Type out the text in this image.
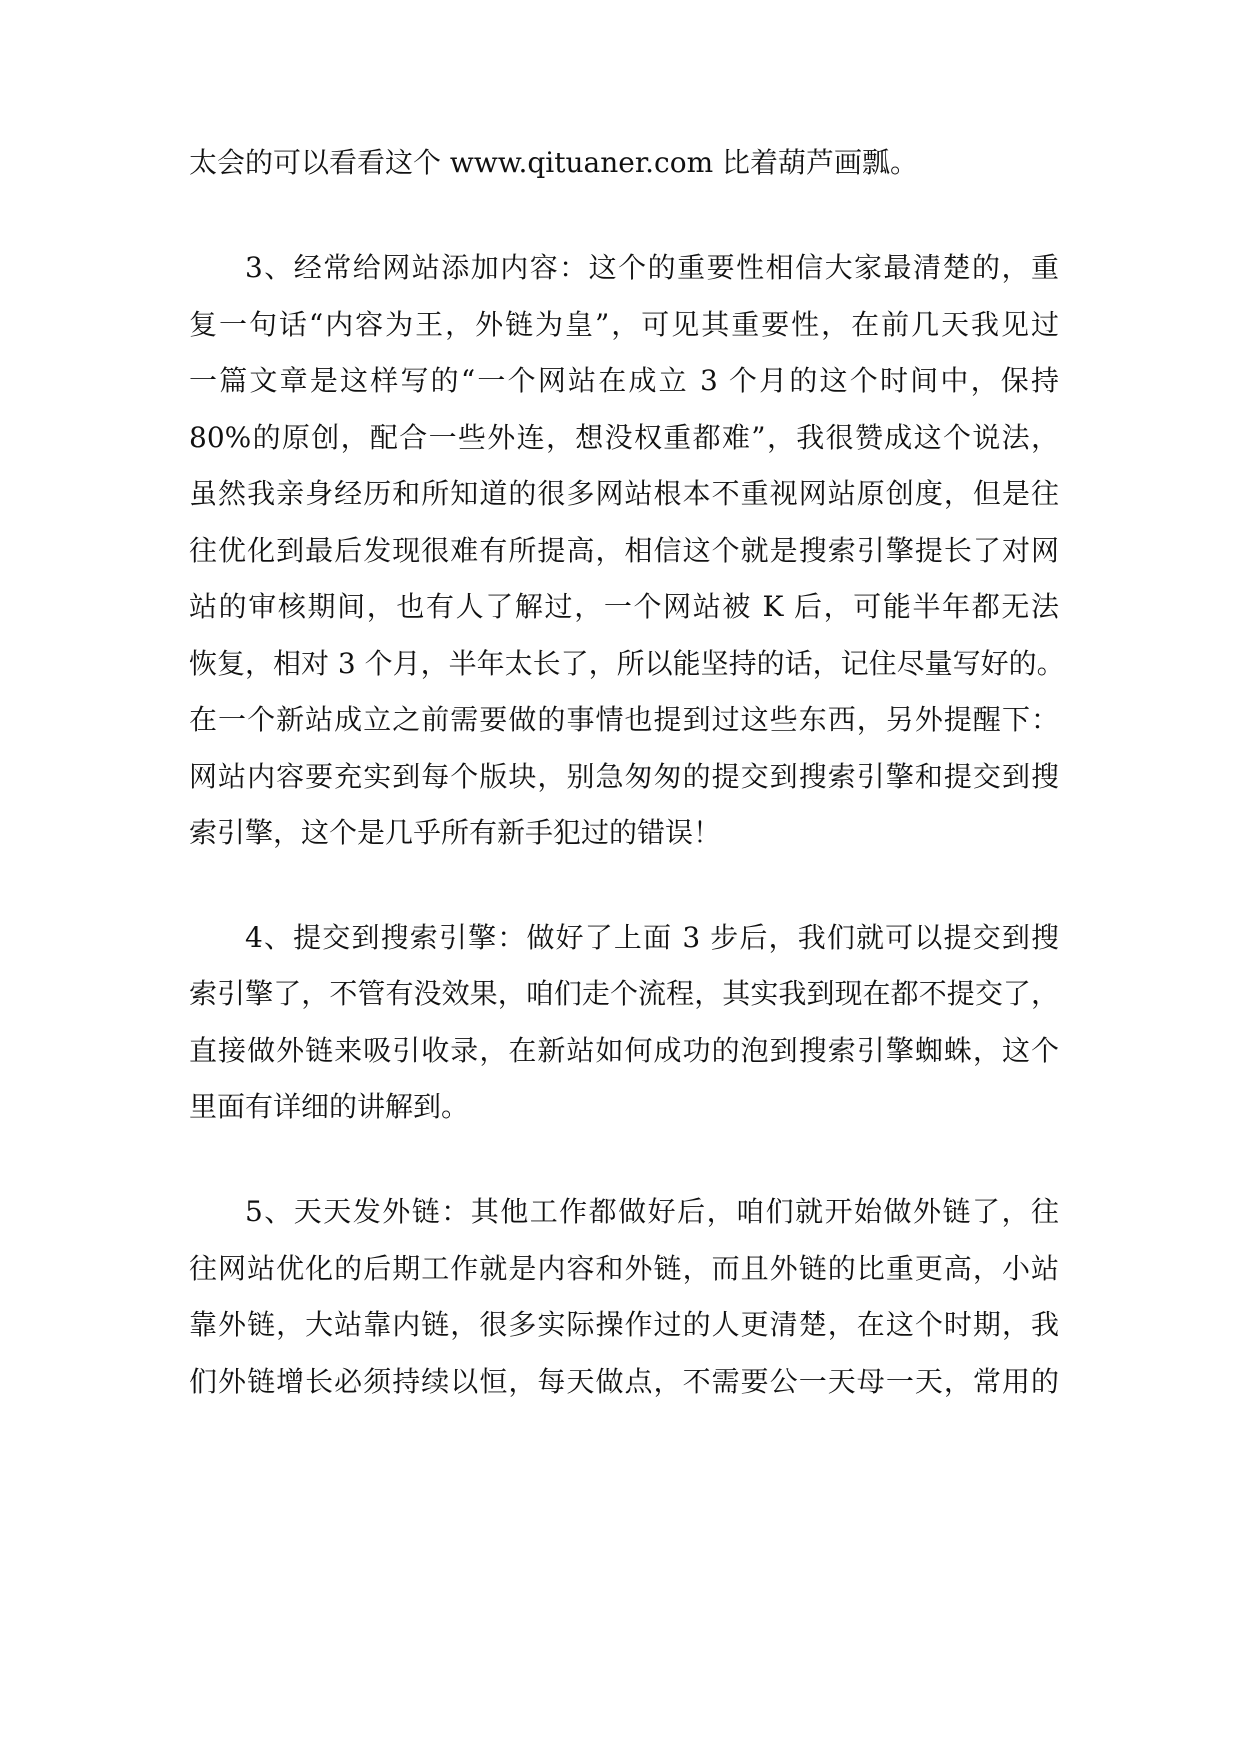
太会的可以看看这个 www.qituaner.com 比着葫芦画瓢。
3、经常给网站添加内容：这个的重要性相信大家最清楚的，重
复一句话“内容为王，外链为皇”，可见其重要性，在前几天我见过
一篇文章是这样写的“一个网站在成立 3 个月的这个时间中，保持
80%的原创，配合一些外连，想没权重都难”，我很赞成这个说法，
虽然我亲身经历和所知道的很多网站根本不重视网站原创度，但是往
往优化到最后发现很难有所提高，相信这个就是搜索引擎提长了对网
站的审核期间，也有人了解过，一个网站被 K 后，可能半年都无法
恢复，相对 3 个月，半年太长了，所以能坚持的话，记住尽量写好的。
在一个新站成立之前需要做的事情也提到过这些东西，另外提醒下：
网站内容要充实到每个版块，别急匆匆的提交到搜索引擎和提交到搜
索引擎，这个是几乎所有新手犯过的错误！
4、提交到搜索引擎：做好了上面 3 步后，我们就可以提交到搜
索引擎了，不管有没效果，咱们走个流程，其实我到现在都不提交了，
直接做外链来吸引收录，在新站如何成功的泡到搜索引擎蜘蛛，这个
里面有详细的讲解到。
5、天天发外链：其他工作都做好后，咱们就开始做外链了，往
往网站优化的后期工作就是内容和外链，而且外链的比重更高，小站
靠外链，大站靠内链，很多实际操作过的人更清楚，在这个时期，我
们外链增长必须持续以恒，每天做点，不需要公一天母一天，常用的
